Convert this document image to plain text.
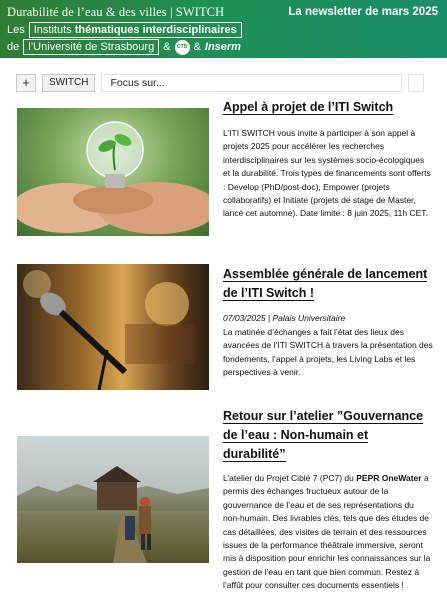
Durabilité de l’eau & des villes | SWITCH
Les Instituts thématiques interdisciplinaires
de l’Université de Strasbourg &	CTS & Inserm
La newsletter de mars 2025
+	SWITCH	Focus sur...
Appel à projet de l’ITI Switch
L’ITI SWITCH vous invite à participer à son appel à projets 2025 pour accélérer les recherches interdisciplinaires sur les systèmes socio-écologiques et la durabilité. Trois types de financements sont offerts : Develop (PhD/post-doc), Empower (projets collaboratifs) et Initiate (projets de stage de Master, lancé cet automne). Date limite : 8 juin 2025, 11h CET.
Assemblée générale de lancement de l’ITI Switch !
07/03/2025 | Palais Universitaire
La matinée d’échanges a fait l’état des lieux des avancées de l’ITI SWITCH à travers la présentation des fondements, l’appel à projets, les Living Labs et les perspectives à venir.
Retour sur l’atelier ”Gouvernance de l’eau : Non-humain et durabilité”
L’atelier du Projet Ciblé 7 (PC7) du PEPR OneWater a permis des échanges fructueux autour de la gouvernance de l’eau et de ses représentations du non-humain. Des livrables clés, tels que des études de cas détaillées, des visites de terrain et des ressources issues de la performance théâtrale immersive, seront mis à disposition pour enrichir les connaissances sur la gestion de l’eau en tant que bien commun. Restez à l’affût pour consulter ces documents essentiels !
